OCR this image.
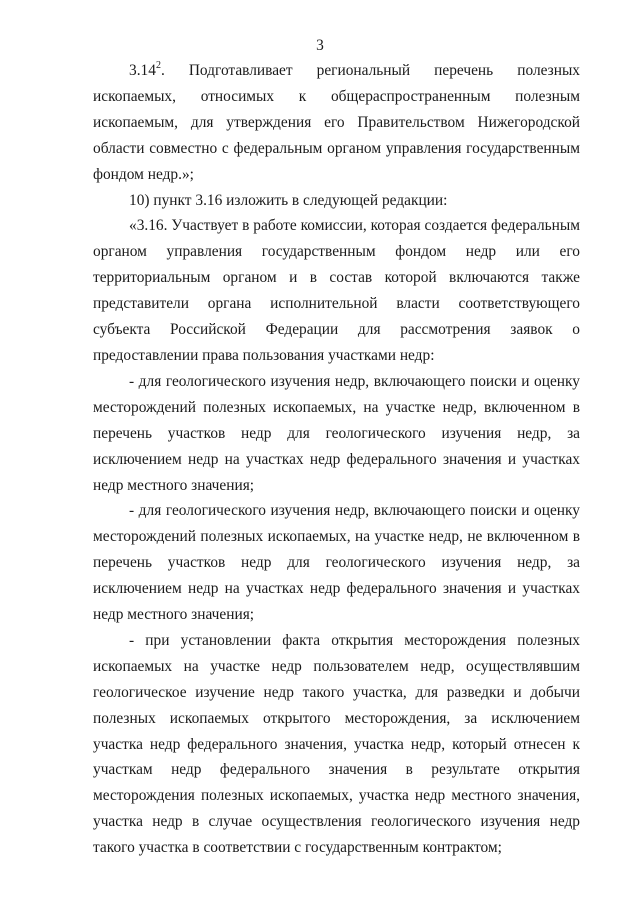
3

3.14$^2$. Подготавливает региональный перечень полезных ископаемых, относимых к общераспространенным полезным ископаемым, для утверждения его Правительством Нижегородской области совместно с федеральным органом управления государственным фондом недр.»;

10) пункт 3.16 изложить в следующей редакции:

«3.16. Участвует в работе комиссии, которая создается федеральным органом управления государственным фондом недр или его территориальным органом и в состав которой включаются также представители органа исполнительной власти соответствующего субъекта Российской Федерации для рассмотрения заявок о предоставлении права пользования участками недр:

- для геологического изучения недр, включающего поиски и оценку месторождений полезных ископаемых, на участке недр, включенном в перечень участков недр для геологического изучения недр, за исключением недр на участках недр федерального значения и участках недр местного значения;

- для геологического изучения недр, включающего поиски и оценку месторождений полезных ископаемых, на участке недр, не включенном в перечень участков недр для геологического изучения недр, за исключением недр на участках недр федерального значения и участках недр местного значения;

- при установлении факта открытия месторождения полезных ископаемых на участке недр пользователем недр, осуществлявшим геологическое изучение недр такого участка, для разведки и добычи полезных ископаемых открытого месторождения, за исключением участка недр федерального значения, участка недр, который отнесен к участкам недр федерального значения в результате открытия месторождения полезных ископаемых, участка недр местного значения, участка недр в случае осуществления геологического изучения недр такого участка в соответствии с государственным контрактом;
